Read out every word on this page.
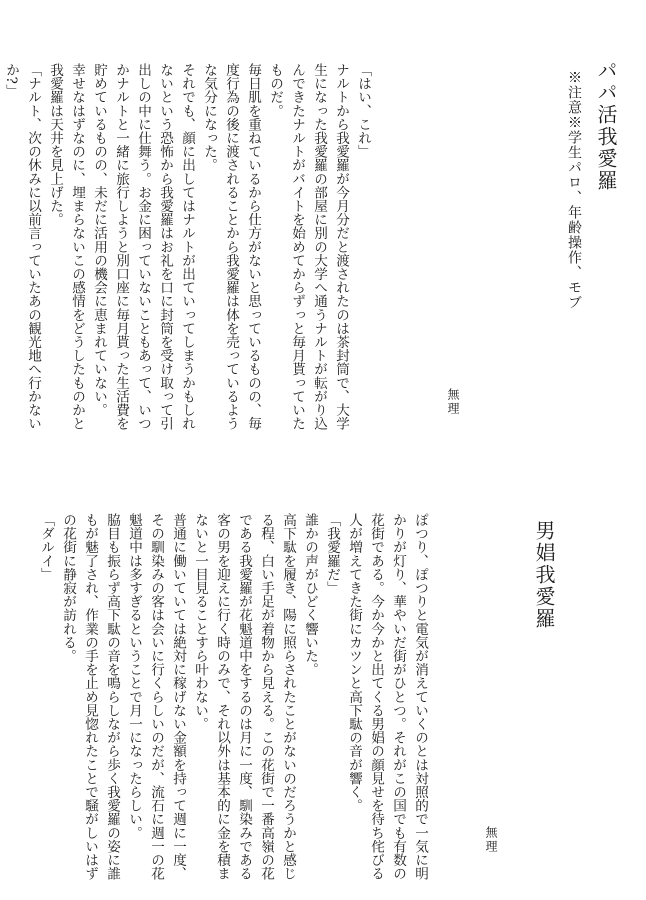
パパ活我愛羅
※注意※学生パロ、年齢操作、モブ
無理

「はい、これ」

ナルトから我愛羅が今月分だと渡されたのは茶封筒で、大学生になった我愛羅の部屋に別の大学へ通うナルトが転がり込んできたナルトがバイトを始めてからずっと毎月貰っていたものだ。

毎日肌を重ねているから仕方がないと思っているものの、毎度行為の後に渡されることから我愛羅は体を売っているような気分になった。

それでも、顔に出してはナルトが出ていってしまうかもしれないという恐怖から我愛羅はお礼を口に封筒を受け取って引出しの中に仕舞う。お金に困っていないこともあって、いつかナルトと一緒に旅行しようと別口座に毎月貰った生活費を貯めているものの、未だに活用の機会に恵まれていない。

幸せなはずなのに、埋まらないこの感情をどうしたものかと我愛羅は天井を見上げた。

「ナルト、次の休みに以前言っていたあの観光地へ行かないか?」

男娼我愛羅
無理

ぽつり、ぽつりと電気が消えていくのとは対照的で一気に明かりが灯り、華やいだ街がひとつ。それがこの国でも有数の花街である。今か今かと出てくる男娼の顔見せを待ち侘びる人が増えてきた街にカツンと高下駄の音が響く。

「我愛羅だ」

誰かの声がひどく響いた。

高下駄を履き、陽に照らされたことがないのだろうかと感じる程、白い手足が着物から見える。この花街で一番高嶺の花である我愛羅が花魁道中をするのは月に一度、馴染みである客の男を迎えに行く時のみで、それ以外は基本的に金を積まないと一目見ることすら叶わない。

普通に働いていては絶対に稼げない金額を持って週に一度、その馴染みの客は会いに行くらしいのだが、流石に週一の花魁道中は多すぎるということで月一になったらしい。

脇目も振らず高下駄の音を鳴らしながら歩く我愛羅の姿に誰もが魅了され、作業の手を止め見惚れたことで騒がしいはずの花街に静寂が訪れる。

「ダルイ」
